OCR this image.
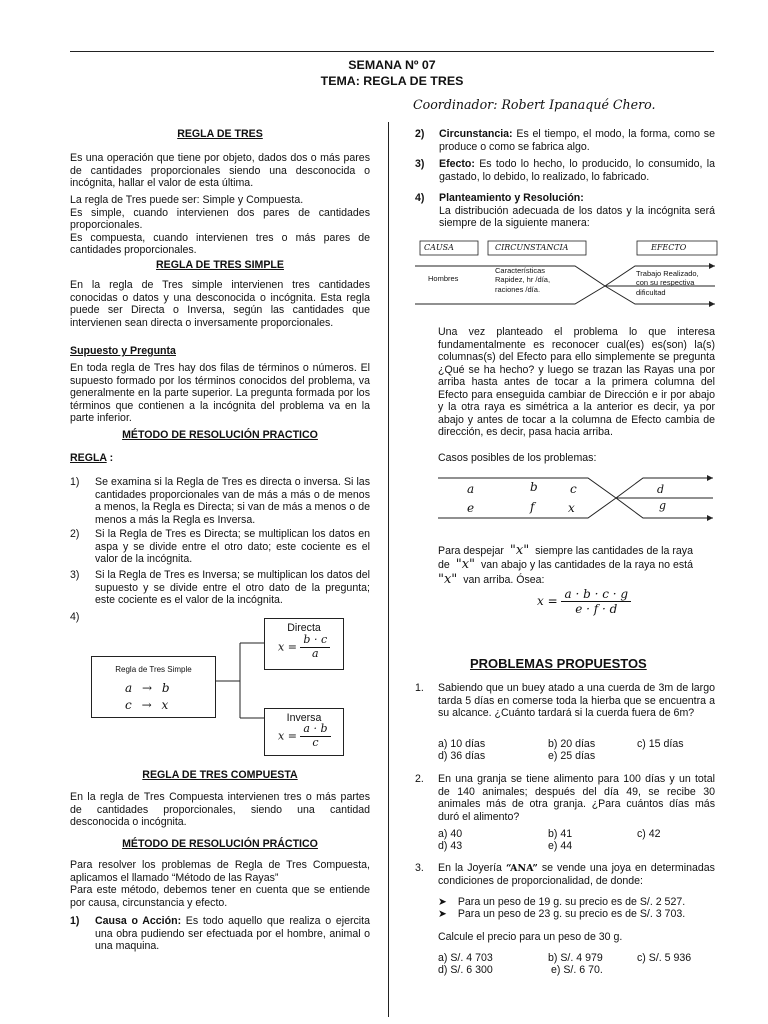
SEMANA Nº 07
TEMA: REGLA DE TRES
Coordinador: Robert Ipanaqué Chero.

REGLA DE TRES

Es una operación que tiene por objeto, dados dos o más pares de cantidades proporcionales siendo una desconocida o incógnita, hallar el valor de esta última.

La regla de Tres puede ser: Simple y Compuesta.

Es simple, cuando intervienen dos pares de cantidades proporcionales.

Es compuesta, cuando intervienen tres o más pares de cantidades proporcionales.

REGLA DE TRES SIMPLE

En la regla de Tres simple intervienen tres cantidades conocidas o datos y una desconocida o incógnita. Esta regla puede ser Directa o Inversa, según las cantidades que intervienen sean directa o inversamente proporcionales.

Supuesto y Pregunta

En toda regla de Tres hay dos filas de términos o números. El supuesto formado por los términos conocidos del problema, va generalmente en la parte superior. La pregunta formada por los términos que contienen a la incógnita del problema va en la parte inferior.

MÉTODO DE RESOLUCIÓN PRACTICO

REGLA :
1) Se examina si la Regla de Tres es directa o inversa. Si las cantidades proporcionales van de más a más o de menos a menos, la Regla es Directa; si van de más a menos o de menos a más la Regla es Inversa.
2) Si la Regla de Tres es Directa; se multiplican los datos en aspa y se divide entre el otro dato; este cociente es el valor de la incógnita.
3) Si la Regla de Tres es Inversa; se multiplican los datos del supuesto y se divide entre el otro dato de la pregunta; este cociente es el valor de la incógnita.
4)
Regla de Tres Simple
a → b
c → x
Directa
$x = \frac{b \cdot c}{a}$
Inversa
$x = \frac{a \cdot b}{c}$

REGLA DE TRES COMPUESTA

En la regla de Tres Compuesta intervienen tres o más partes de cantidades proporcionales, siendo una cantidad desconocida o incógnita.

MÉTODO DE RESOLUCIÓN PRÁCTICO

Para resolver los problemas de Regla de Tres Compuesta, aplicamos el llamado “Método de las Rayas”

Para este método, debemos tener en cuenta que se entiende por causa, circunstancia y efecto.

1) Causa o Acción: Es todo aquello que realiza o ejercita una obra pudiendo ser efectuada por el hombre, animal o una maquina.
2) Circunstancia: Es el tiempo, el modo, la forma, como se produce o como se fabrica algo.
3) Efecto: Es todo lo hecho, lo producido, lo consumido, la gastado, lo debido, lo realizado, lo fabricado.
4) Planteamiento y Resolución:
La distribución adecuada de los datos y la incógnita será siempre de la siguiente manera:
CAUSA	CIRCUNSTANCIA	EFECTO
Hombres
Características
Rapidez, hr /día,
raciones /día.
Trabajo Realizado,
con su respectiva
dificultad

Una vez planteado el problema lo que interesa fundamentalmente es reconocer cual(es) es(son) la(s) columnas(s) del Efecto para ello simplemente se pregunta ¿Qué se ha hecho? y luego se trazan las Rayas una por arriba hasta antes de tocar a la primera columna del Efecto para enseguida cambiar de Dirección e ir por abajo y la otra raya es simétrica a la anterior es decir, ya por abajo y antes de tocar a la columna de Efecto cambia de dirección, es decir, pasa hacia arriba.

Casos posibles de los problemas:
a	b	c	d
e	f	x	g
Para despejar "x" siempre las cantidades de la raya
de "x" van abajo y las cantidades de la raya no está
"x" van arriba. Ósea:
$x = \frac{a \cdot b \cdot c \cdot g}{e \cdot f \cdot d}$
PROBLEMAS PROPUESTOS
1. Sabiendo que un buey atado a una cuerda de 3m de largo tarda 5 días en comerse toda la hierba que se encuentra a su alcance. ¿Cuánto tardará si la cuerda fuera de 6m?
a) 10 días	b) 20 días	c) 15 días
d) 36 días	e) 25 días
2. En una granja se tiene alimento para 100 días y un total de 140 animales; después del día 49, se recibe 30 animales más de otra granja. ¿Para cuántos días más duró el alimento?
a) 40	b) 41	c) 42
d) 43	e) 44
3. En la Joyería “ANA” se vende una joya en determinadas condiciones de proporcionalidad, de donde:
➤ Para un peso de 19 g. su precio es de S/. 2 527.
➤ Para un peso de 23 g. su precio es de S/. 3 703.
Calcule el precio para un peso de 30 g.
a) S/. 4 703	b) S/. 4 979	c) S/. 5 936
d) S/. 6 300	e) S/. 6 70.
